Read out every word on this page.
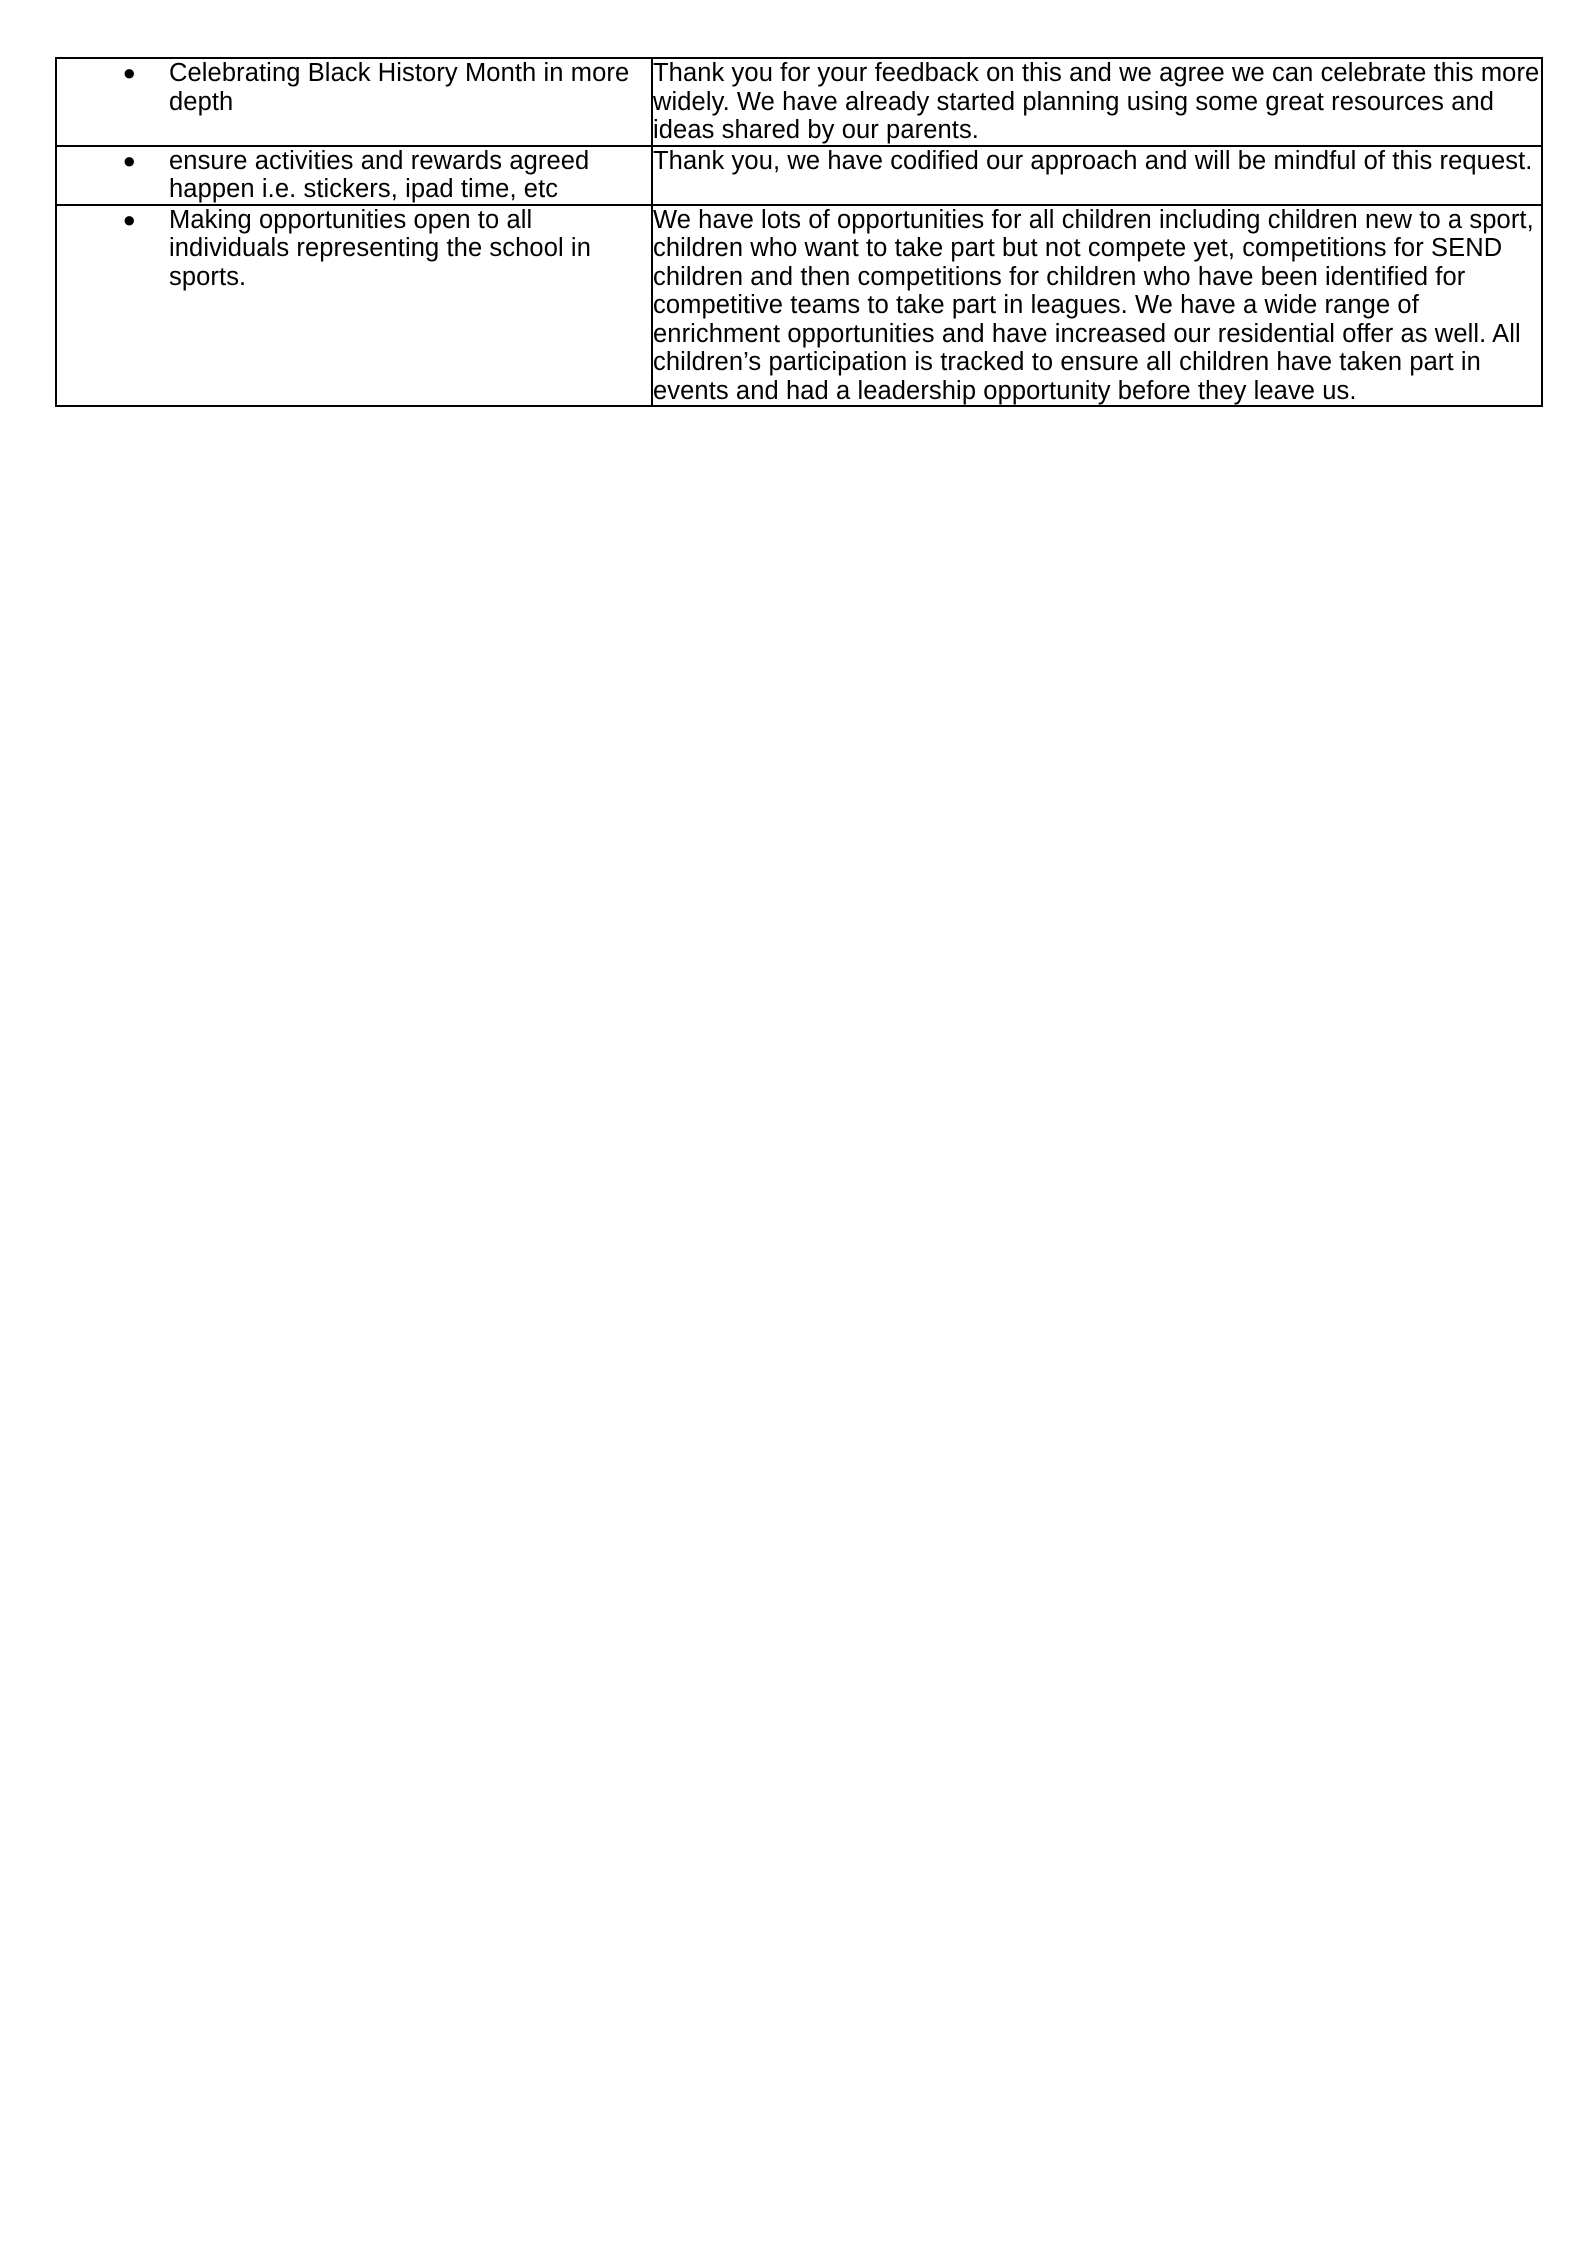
● Celebrating Black History Month in more depth	Thank you for your feedback on this and we agree we can celebrate this more widely. We have already started planning using some great resources and ideas shared by our parents.

● ensure activities and rewards agreed happen i.e. stickers, ipad time, etc	Thank you, we have codified our approach and will be mindful of this request.

● Making opportunities open to all individuals representing the school in sports.	We have lots of opportunities for all children including children new to a sport, children who want to take part but not compete yet, competitions for SEND children and then competitions for children who have been identified for competitive teams to take part in leagues. We have a wide range of enrichment opportunities and have increased our residential offer as well. All children’s participation is tracked to ensure all children have taken part in events and had a leadership opportunity before they leave us.
